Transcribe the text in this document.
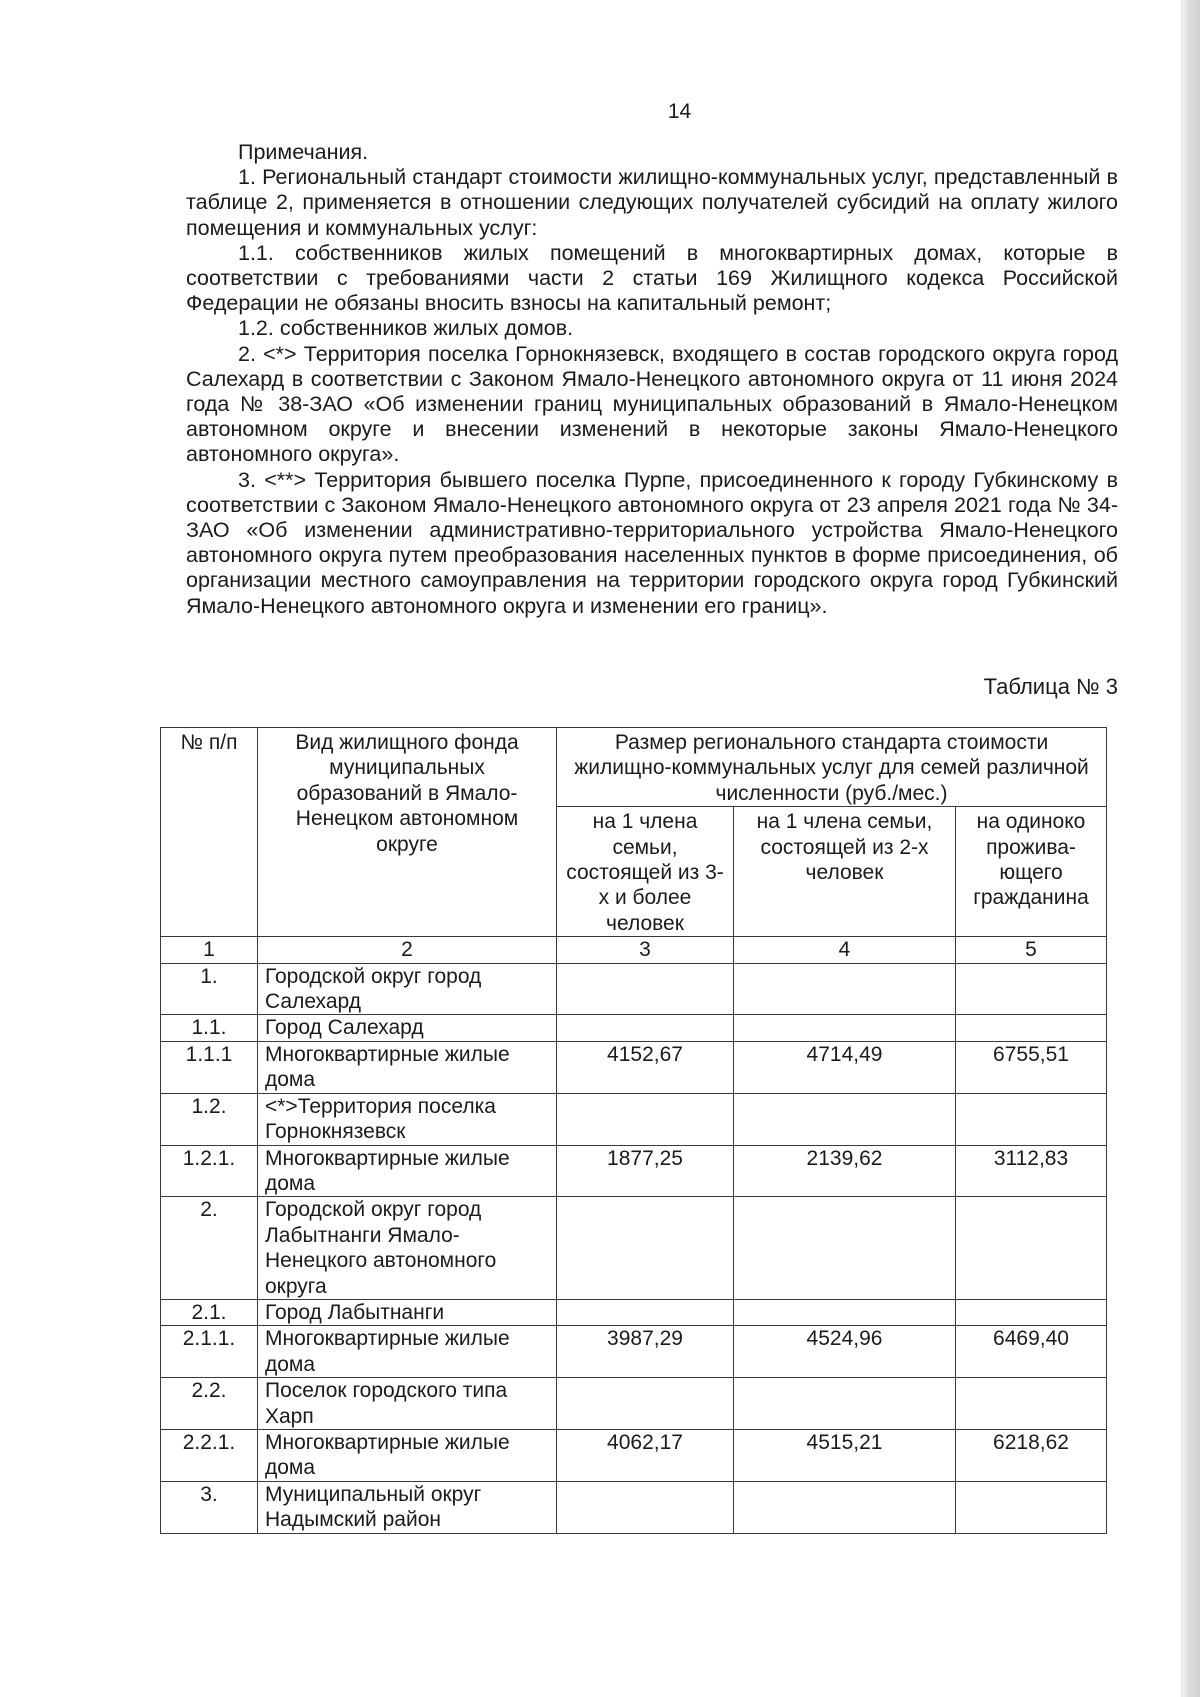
14

Примечания.

1. Региональный стандарт стоимости жилищно-коммунальных услуг, представленный в таблице 2, применяется в отношении следующих получателей субсидий на оплату жилого помещения и коммунальных услуг:

1.1. собственников жилых помещений в многоквартирных домах, которые в соответствии с требованиями части 2 статьи 169 Жилищного кодекса Российской Федерации не обязаны вносить взносы на капитальный ремонт;

1.2. собственников жилых домов.

2. <*> Территория поселка Горнокнязевск, входящего в состав городского округа город Салехард в соответствии с Законом Ямало-Ненецкого автономного округа от 11 июня 2024 года № 38-ЗАО «Об изменении границ муниципальных образований в Ямало-Ненецком автономном округе и внесении изменений в некоторые законы Ямало-Ненецкого автономного округа».

3. <**> Территория бывшего поселка Пурпе, присоединенного к городу Губкинскому в соответствии с Законом Ямало-Ненецкого автономного округа от 23 апреля 2021 года № 34-ЗАО «Об изменении административно-территориального устройства Ямало-Ненецкого автономного округа путем преобразования населенных пунктов в форме присоединения, об организации местного самоуправления на территории городского округа город Губкинский Ямало-Ненецкого автономного округа и изменении его границ».

Таблица № 3
№ п/п	Вид жилищного фонда муниципальных образований в Ямало-Ненецком автономном округе	Размер регионального стандарта стоимости жилищно-коммунальных услуг для семей различной численности (руб./мес.)		
		на 1 члена семьи, состоящей из 3-х и более человек	на 1 члена семьи, состоящей из 2-х человек	на одиноко прожива-ющего гражданина
1	2	3	4	5
1.	Городской округ город Салехард			
1.1.	Город Салехард			
1.1.1	Многоквартирные жилые дома	4152,67	4714,49	6755,51
1.2.	<*>Территория поселка Горнокнязевск			
1.2.1.	Многоквартирные жилые дома	1877,25	2139,62	3112,83
2.	Городской округ город Лабытнанги Ямало-Ненецкого автономного округа			
2.1.	Город Лабытнанги			
2.1.1.	Многоквартирные жилые дома	3987,29	4524,96	6469,40
2.2.	Поселок городского типа Харп			
2.2.1.	Многоквартирные жилые дома	4062,17	4515,21	6218,62
3.	Муниципальный округ Надымский район			
